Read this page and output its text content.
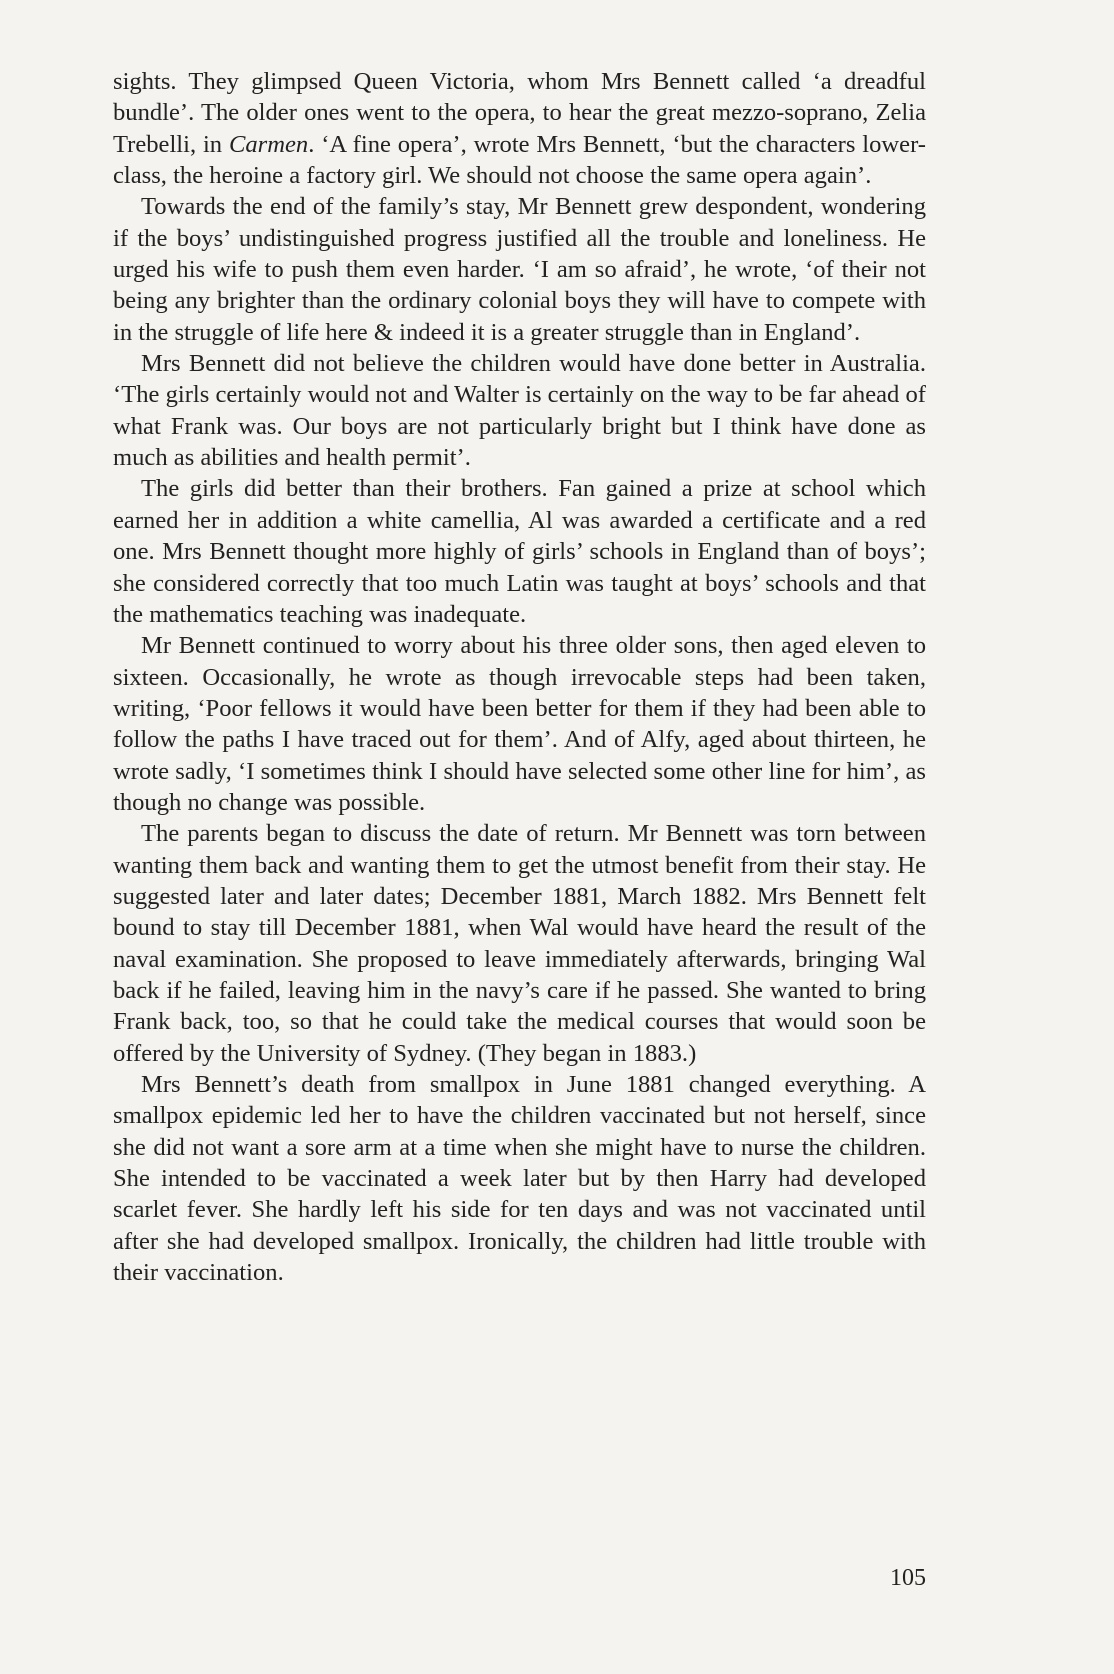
sights. They glimpsed Queen Victoria, whom Mrs Bennett called ‘a dreadful bundle’. The older ones went to the opera, to hear the great mezzo-soprano, Zelia Trebelli, in Carmen. ‘A fine opera’, wrote Mrs Bennett, ‘but the characters lower-class, the heroine a factory girl. We should not choose the same opera again’.

Towards the end of the family’s stay, Mr Bennett grew despondent, wondering if the boys’ undistinguished progress justified all the trouble and loneliness. He urged his wife to push them even harder. ‘I am so afraid’, he wrote, ‘of their not being any brighter than the ordinary colonial boys they will have to compete with in the struggle of life here & indeed it is a greater struggle than in England’.

Mrs Bennett did not believe the children would have done better in Australia. ‘The girls certainly would not and Walter is certainly on the way to be far ahead of what Frank was. Our boys are not particularly bright but I think have done as much as abilities and health permit’.

The girls did better than their brothers. Fan gained a prize at school which earned her in addition a white camellia, Al was awarded a certificate and a red one. Mrs Bennett thought more highly of girls’ schools in England than of boys’; she considered correctly that too much Latin was taught at boys’ schools and that the mathematics teaching was inadequate.

Mr Bennett continued to worry about his three older sons, then aged eleven to sixteen. Occasionally, he wrote as though irrevocable steps had been taken, writing, ‘Poor fellows it would have been better for them if they had been able to follow the paths I have traced out for them’. And of Alfy, aged about thirteen, he wrote sadly, ‘I sometimes think I should have selected some other line for him’, as though no change was possible.

The parents began to discuss the date of return. Mr Bennett was torn between wanting them back and wanting them to get the utmost benefit from their stay. He suggested later and later dates; December 1881, March 1882. Mrs Bennett felt bound to stay till December 1881, when Wal would have heard the result of the naval examination. She proposed to leave immediately afterwards, bringing Wal back if he failed, leaving him in the navy’s care if he passed. She wanted to bring Frank back, too, so that he could take the medical courses that would soon be offered by the University of Sydney. (They began in 1883.)

Mrs Bennett’s death from smallpox in June 1881 changed everything. A smallpox epidemic led her to have the children vaccinated but not herself, since she did not want a sore arm at a time when she might have to nurse the children. She intended to be vaccinated a week later but by then Harry had developed scarlet fever. She hardly left his side for ten days and was not vaccinated until after she had developed smallpox. Ironically, the children had little trouble with their vaccination.

105
